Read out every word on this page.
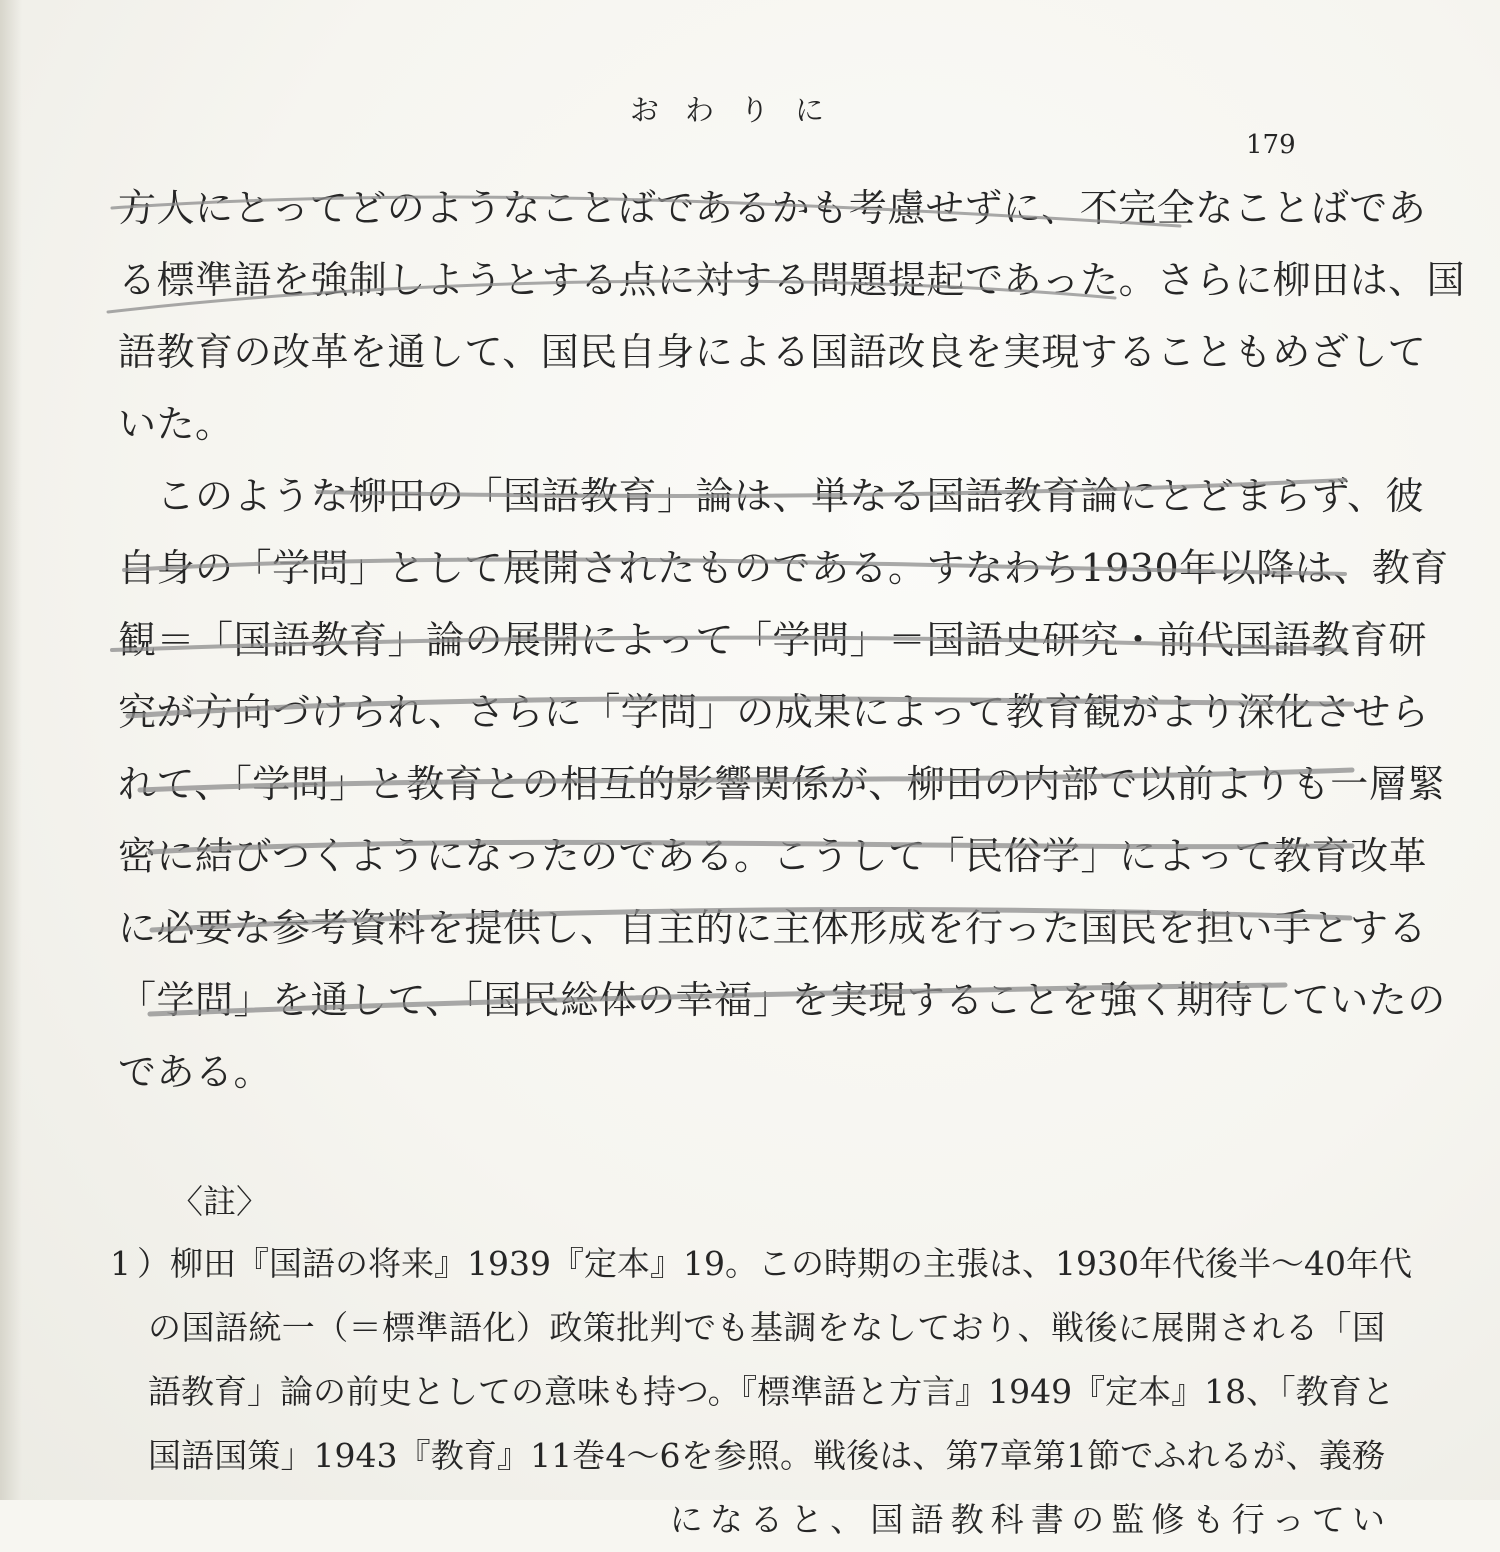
おわりに
179
方人にとってどのようなことばであるかも考慮せずに、不完全なことばであ
る標準語を強制しようとする点に対する問題提起であった。さらに柳田は、国
語教育の改革を通して、国民自身による国語改良を実現することもめざして
いた。
　このような柳田の「国語教育」論は、単なる国語教育論にとどまらず、彼
自身の「学問」として展開されたものである。すなわち1930年以降は、教育
観＝「国語教育」論の展開によって「学問」＝国語史研究・前代国語教育研
究が方向づけられ、さらに「学問」の成果によって教育観がより深化させら
れて、「学問」と教育との相互的影響関係が、柳田の内部で以前よりも一層緊
密に結びつくようになったのである。こうして「民俗学」によって教育改革
に必要な参考資料を提供し、自主的に主体形成を行った国民を担い手とする
「学問」を通して、「国民総体の幸福」を実現することを強く期待していたの
である。
〈註〉
1） 柳田『国語の将来』1939『定本』19。この時期の主張は、1930年代後半～40年代
の国語統一（＝標準語化）政策批判でも基調をなしており、戦後に展開される「国
語教育」論の前史としての意味も持つ。『標準語と方言』1949『定本』18、「教育と
国語国策」1943『教育』11巻4～6を参照。戦後は、第7章第1節でふれるが、義務
　　　　　　　　　　　　　になると、国語教科書の監修も行ってい
